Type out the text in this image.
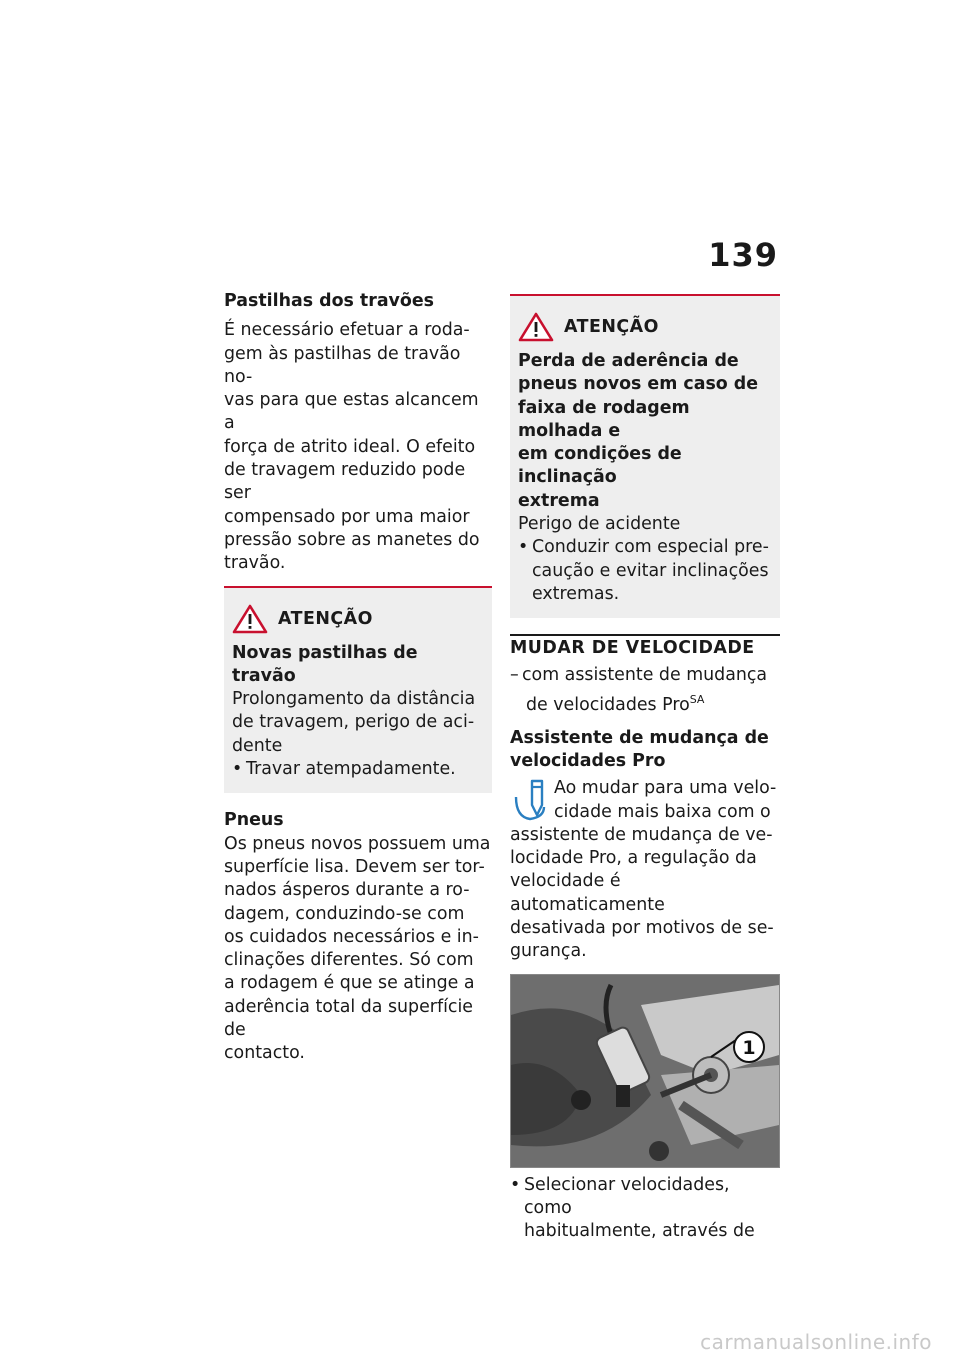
139

Pastilhas dos travões

É necessário efetuar a roda-

gem às pastilhas de travão no-

vas para que estas alcancem a

força de atrito ideal. O efeito

de travagem reduzido pode ser

compensado por uma maior

pressão sobre as manetes do

travão.

ATENÇÃO

Novas pastilhas de travão

Prolongamento da distância

de travagem, perigo de aci-

dente

• Travar atempadamente.

Pneus

Os pneus novos possuem uma

superfície lisa. Devem ser tor-

nados ásperos durante a ro-

dagem, conduzindo-se com

os cuidados necessários e in-

clinações diferentes. Só com

a rodagem é que se atinge a

aderência total da superfície de

contacto.

ATENÇÃO

Perda de aderência de

pneus novos em caso de

faixa de rodagem molhada e

em condições de inclinação

extrema

Perigo de acidente

• Conduzir com especial pre-
caução e evitar inclinações
extremas.

MUDAR DE VELOCIDADE

– com assistente de mudança
de velocidades Pro$^{SA}$

Assistente de mudança de

velocidades Pro

Ao mudar para uma velo-

cidade mais baixa com o

assistente de mudança de ve-

locidade Pro, a regulação da

velocidade é automaticamente

desativada por motivos de se-

gurança.

1
• Selecionar velocidades, como
habitualmente, através de
carmanualsonline.info
